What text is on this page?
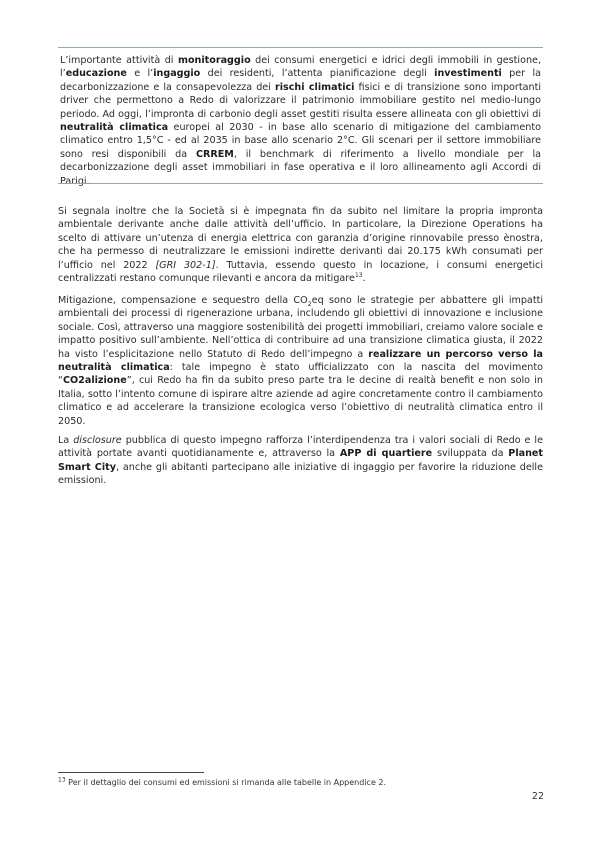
L’importante attività di monitoraggio dei consumi energetici e idrici degli immobili in gestione, l’educazione e l’ingaggio dei residenti, l’attenta pianificazione degli investimenti per la decarbonizzazione e la consapevolezza dei rischi climatici fisici e di transizione sono importanti driver che permettono a Redo di valorizzare il patrimonio immobiliare gestito nel medio-lungo periodo. Ad oggi, l’impronta di carbonio degli asset gestiti risulta essere allineata con gli obiettivi di neutralità climatica europei al 2030 - in base allo scenario di mitigazione del cambiamento climatico entro 1,5°C - ed al 2035 in base allo scenario 2°C. Gli scenari per il settore immobiliare sono resi disponibili da CRREM, il benchmark di riferimento a livello mondiale per la decarbonizzazione degli asset immobiliari in fase operativa e il loro allineamento agli Accordi di Parigi.

Si segnala inoltre che la Società si è impegnata fin da subito nel limitare la propria impronta ambientale derivante anche dalle attività dell’ufficio. In particolare, la Direzione Operations ha scelto di attivare un’utenza di energia elettrica con garanzia d’origine rinnovabile presso ènostra, che ha permesso di neutralizzare le emissioni indirette derivanti dai 20.175 kWh consumati per l’ufficio nel 2022 [GRI 302-1]. Tuttavia, essendo questo in locazione, i consumi energetici centralizzati restano comunque rilevanti e ancora da mitigare$^{13}$.

Mitigazione, compensazione e sequestro della $CO_2eq$ sono le strategie per abbattere gli impatti ambientali dei processi di rigenerazione urbana, includendo gli obiettivi di innovazione e inclusione sociale. Così, attraverso una maggiore sostenibilità dei progetti immobiliari, creiamo valore sociale e impatto positivo sull’ambiente. Nell’ottica di contribuire ad una transizione climatica giusta, il 2022 ha visto l’esplicitazione nello Statuto di Redo dell’impegno a realizzare un percorso verso la neutralità climatica: tale impegno è stato ufficializzato con la nascita del movimento “CO2alizione”, cui Redo ha fin da subito preso parte tra le decine di realtà benefit e non solo in Italia, sotto l’intento comune di ispirare altre aziende ad agire concretamente contro il cambiamento climatico e ad accelerare la transizione ecologica verso l’obiettivo di neutralità climatica entro il 2050.

La disclosure pubblica di questo impegno rafforza l’interdipendenza tra i valori sociali di Redo e le attività portate avanti quotidianamente e, attraverso la APP di quartiere sviluppata da Planet Smart City, anche gli abitanti partecipano alle iniziative di ingaggio per favorire la riduzione delle emissioni.

$^{13}$ Per il dettaglio dei consumi ed emissioni si rimanda alle tabelle in Appendice 2.
22
